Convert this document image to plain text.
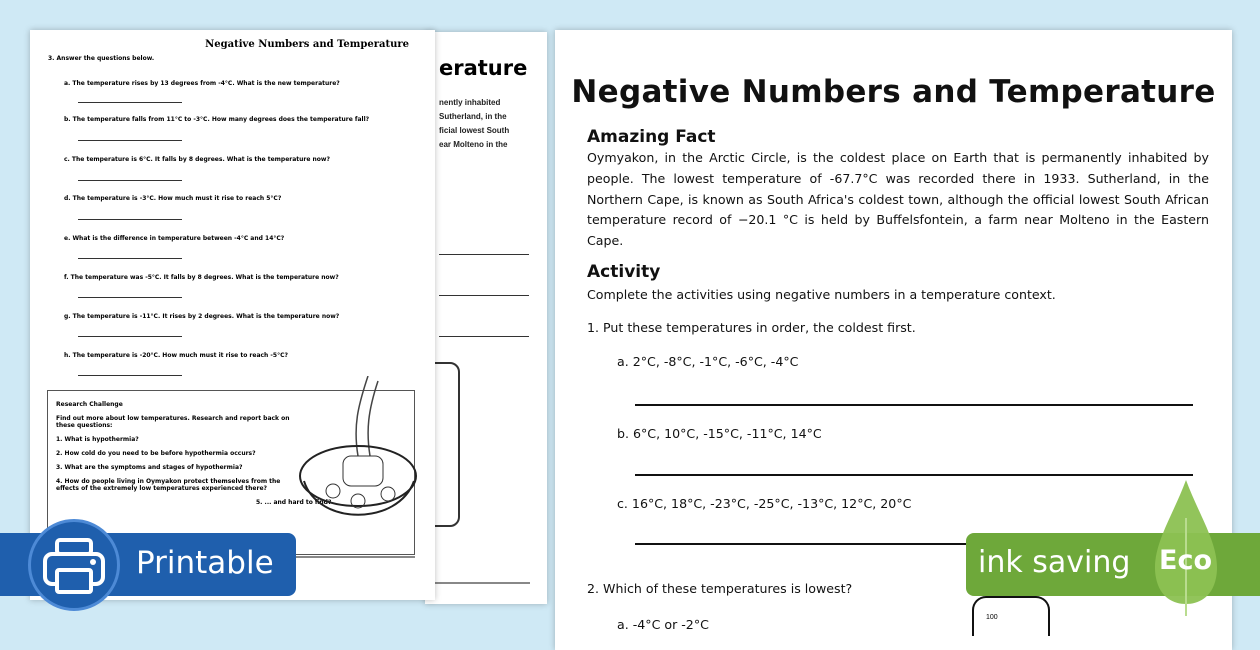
erature
nently inhabited
Sutherland, in the
ficial lowest South
ear Molteno in the
Negative Numbers and Temperature
3. Answer the questions below.
a. The temperature rises by 13 degrees from -4°C. What is the new temperature?
b. The temperature falls from 11°C to -3°C. How many degrees does the temperature fall?
c. The temperature is 6°C. It falls by 8 degrees. What is the temperature now?
d. The temperature is -3°C. How much must it rise to reach 5°C?
e. What is the difference in temperature between -4°C and 14°C?
f. The temperature was -5°C. It falls by 8 degrees. What is the temperature now?
g. The temperature is -11°C. It rises by 2 degrees. What is the temperature now?
h. The temperature is -20°C. How much must it rise to reach -5°C?
Research Challenge
Find out more about low temperatures. Research and report back on these questions:
1. What is hypothermia?
2. How cold do you need to be before hypothermia occurs?
3. What are the symptoms and stages of hypothermia?
4. How do people living in Oymyakon protect themselves from the effects of the extremely low temperatures experienced there?
5. ... and hard to find?
Negative Numbers and Temperature
Amazing Fact
Oymyakon, in the Arctic Circle, is the coldest place on Earth that is permanently inhabited by people. The lowest temperature of -67.7°C was recorded there in 1933. Sutherland, in the Northern Cape, is known as South Africa's coldest town, although the official lowest South African temperature record of −20.1 °C is held by Buffelsfontein, a farm near Molteno in the Eastern Cape.
Activity
Complete the activities using negative numbers in a temperature context.
1. Put these temperatures in order, the coldest first.
a. 2°C, -8°C, -1°C, -6°C, -4°C
b. 6°C, 10°C, -15°C, -11°C, 14°C
c. 16°C, 18°C, -23°C, -25°C, -13°C, 12°C, 20°C
2. Which of these temperatures is lowest?
a. -4°C or -2°C	100
Printable	ink saving Eco
